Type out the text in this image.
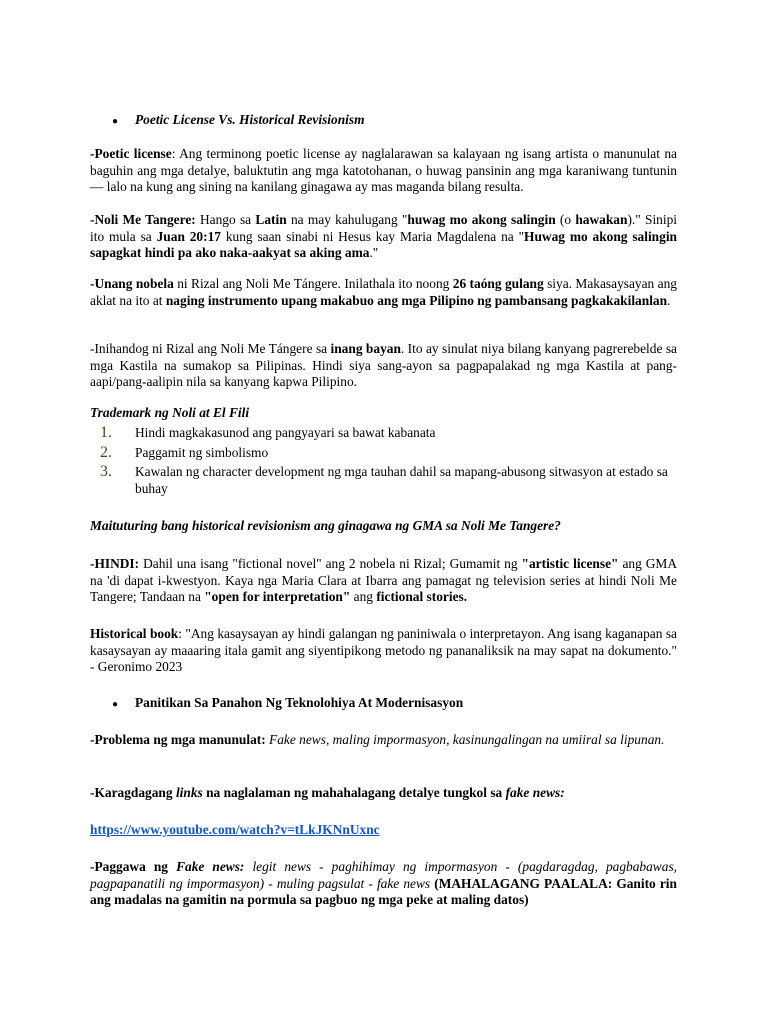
●	Poetic License Vs. Historical Revisionism

-Poetic license: Ang terminong poetic license ay naglalarawan sa kalayaan ng isang artista o manunulat na baguhin ang mga detalye, baluktutin ang mga katotohanan, o huwag pansinin ang mga karaniwang tuntunin — lalo na kung ang sining na kanilang ginagawa ay mas maganda bilang resulta.

-Noli Me Tangere: Hango sa Latin na may kahulugang "huwag mo akong salingin (o hawakan)." Sinipi ito mula sa Juan 20:17 kung saan sinabi ni Hesus kay Maria Magdalena na "Huwag mo akong salingin sapagkat hindi pa ako naka-aakyat sa aking ama."

-Unang nobela ni Rizal ang Noli Me Tángere. Inilathala ito noong 26 taóng gulang siya. Makasaysayan ang aklat na ito at naging instrumento upang makabuo ang mga Pilipino ng pambansang pagkakakilanlan.

-Inihandog ni Rizal ang Noli Me Tángere sa inang bayan. Ito ay sinulat niya bilang kanyang pagrerebelde sa mga Kastila na sumakop sa Pilipinas. Hindi siya sang-ayon sa pagpapalakad ng mga Kastila at pang-aapi/pang-aalipin nila sa kanyang kapwa Pilipino.

Trademark ng Noli at El Fili

1.	Hindi magkakasunod ang pangyayari sa bawat kabanata
2.	Paggamit ng simbolismo
3.	Kawalan ng character development ng mga tauhan dahil sa mapang-abusong sitwasyon at estado sa buhay

Maituturing bang historical revisionism ang ginagawa ng GMA sa Noli Me Tangere?

-HINDI: Dahil una isang "fictional novel" ang 2 nobela ni Rizal; Gumamit ng "artistic license" ang GMA na 'di dapat i-kwestyon. Kaya nga Maria Clara at Ibarra ang pamagat ng television series at hindi Noli Me Tangere; Tandaan na "open for interpretation" ang fictional stories.

Historical book: "Ang kasaysayan ay hindi galangan ng paniniwala o interpretayon. Ang isang kaganapan sa kasaysayan ay maaaring itala gamit ang siyentipikong metodo ng pananaliksik na may sapat na dokumento." - Geronimo 2023

●	Panitikan Sa Panahon Ng Teknolohiya At Modernisasyon

-Problema ng mga manunulat: Fake news, maling impormasyon, kasinungalingan na umiiral sa lipunan.

-Karagdagang links na naglalaman ng mahahalagang detalye tungkol sa fake news:

https://www.youtube.com/watch?v=tLkJKNnUxnc

-Paggawa ng Fake news: legit news - paghihimay ng impormasyon - (pagdaragdag, pagbabawas, pagpapanatili ng impormasyon) - muling pagsulat - fake news (MAHALAGANG PAALALA: Ganito rin ang madalas na gamitin na pormula sa pagbuo ng mga peke at maling datos)
